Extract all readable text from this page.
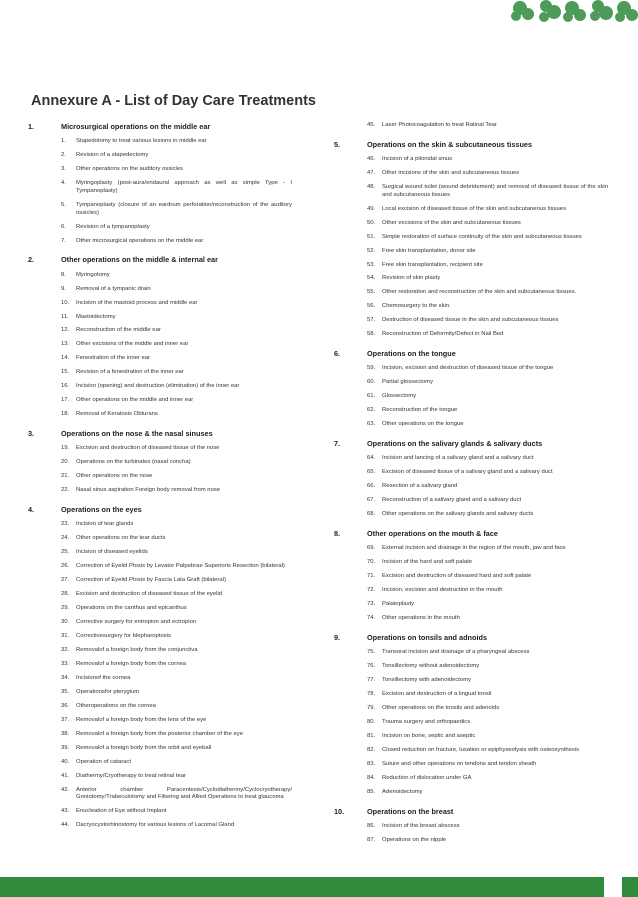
Annexure A - List of Day Care Treatments
1.	Microsurgical operations on the middle ear
1.	Stapedotomy to treat various lesions in middle ear
2.	Revision of a stapedectomy
3.	Other operations on the auditory ossicles
4.	Myringoplasty (post-aura/endaural approach as well as simple Type - I Tympanoplasty)
5.	Tympanoplasty (closure of an eardrum perforation/reconstruction of the auditory ossicles)
6.	Revision of a tympanoplasty
7.	Other microsurgical operations on the middle ear
2.	Other operations on the middle & internal ear
8.	Myringotomy
9.	Removal of a tympanic drain
10.	Incision of the mastoid process and middle ear
11.	Mastoidectomy
12.	Reconstruction of the middle ear
13.	Other excisions of the middle and inner ear
14.	Fenestration of the inner ear
15.	Revision of a fenestration of the inner ear
16.	Incision (opening) and destruction (elimination) of the inner ear
17.	Other operations on the middle and inner ear
18.	Removal of Keratosis Obturans
3.	Operations on the nose & the nasal sinuses
19.	Excision and destruction of diseased tissue of the nose
20.	Operations on the turbinates (nasal concha)
21.	Other operations on the nose
22.	Nasal sinus aspiration Foreign body removal from nose
4.	Operations on the eyes
23.	Incision of tear glands
24.	Other operations on the tear ducts
25.	Incision of diseased eyelids
26.	Correction of Eyelid Ptosis by Levator Palpebrae Superioris Resection (bilateral)
27.	Correction of Eyelid Ptosis by Fascia Lata Graft (bilateral)
28.	Excision and destruction of diseased tissue of the eyelid
29.	Operations on the canthus and epicanthus
30.	Corrective surgery for entropion and ectropion
31.	Correctivesurgery for blepharoptosis
32.	Removalof a foreign body from the conjunctiva
33.	Removalof a foreign body from the cornea
34.	Incisionof the cornea
35.	Operationsfor pterygium
36.	Otheroperations on the cornea
37.	Removalof a foreign body from the lens of the eye
38.	Removalof a foreign body from the posterior chamber of the eye
39.	Removalof a foreign body from the orbit and eyeball
40.	Operation of cataract
41.	Diathermy/Cryotherapy to treat retinal tear
42.	Anterior chamber Paracentesis/Cyclodiathermy/Cyclocryotherapy/ Goniotomy/Trabeculotomy and Filtering and Allied Operations to treat glaucoma
43.	Enucleation of Eye without Implant
44.	Dacryocystorhinostomy for various lesions of Lacrimal Gland
45.	Laser Photocoagulation to treat Ratinal Tear
5.	Operations on the skin & subcutaneous tissues
46.	Incision of a pilonidal sinus
47.	Other incisions of the skin and subcutaneous tissues
48.	Surgical wound toilet (wound debridement) and removal of diseased tissue of the skin and subcutaneous tissues
49.	Local excision of diseased tissue of the skin and subcutaneous tissues
50.	Other excisions of the skin and subcutaneous tissues
51.	Simple restoration of surface continuity of the skin and subcutaneous tissues
52.	Free skin transplantation, donor site
53.	Free skin transplantation, recipient site
54.	Revision of skin plasty
55.	Other restoration and reconstruction of the skin and subcutaneous tissues.
56.	Chemosurgery to the skin.
57.	Destruction of diseased tissue in the skin and subcutaneous tissues
58.	Reconstruction of Deformity/Defect in Nail Bed
6.	Operations on the tongue
59.	Incision, excision and destruction of diseased tissue of the tongue
60.	Partial glossectomy
61.	Glossectomy
62.	Reconstruction of the tongue
63.	Other operations on the tongue
7.	Operations on the salivary glands & salivary ducts
64.	Incision and lancing of a salivary gland and a salivary duct
65.	Excision of diseased tissue of a salivary gland and a salivary duct
66.	Resection of a salivary gland
67.	Reconstruction of a salivary gland and a salivary duct
68.	Other operations on the salivary glands and salivary ducts
8.	Other operations on the mouth & face
69.	External incision and drainage in the region of the mouth, jaw and face
70.	Incision of the hard and soft palate
71.	Excision and destruction of diseased hard and soft palate
72.	Incision, excision and destruction in the mouth
73.	Palatoplasty
74.	Other operations in the mouth
9.	Operations on tonsils and adnoids
75.	Transoral incision and drainage of a pharyngeal abscess
76.	Tonsillectomy without adenoidectomy
77.	Tonsillectomy with adenoidectomy
78.	Excision and destruction of a lingual tonsil
79.	Other operations on the tonsils and adenoids
80.	Trauma surgery and orthopaedics
81.	Incision on bone, septic and aseptic
82.	Closed reduction on fracture, luxation or epiphyseolysis with osteosynthesis
83.	Suture and other operations on tendons and tendon sheath
84.	Reduction of dislocation under GA
85.	Adenoidectomy
10.	Operations on the breast
86.	Incision of the breast abscess
87.	Operations on the nipple
